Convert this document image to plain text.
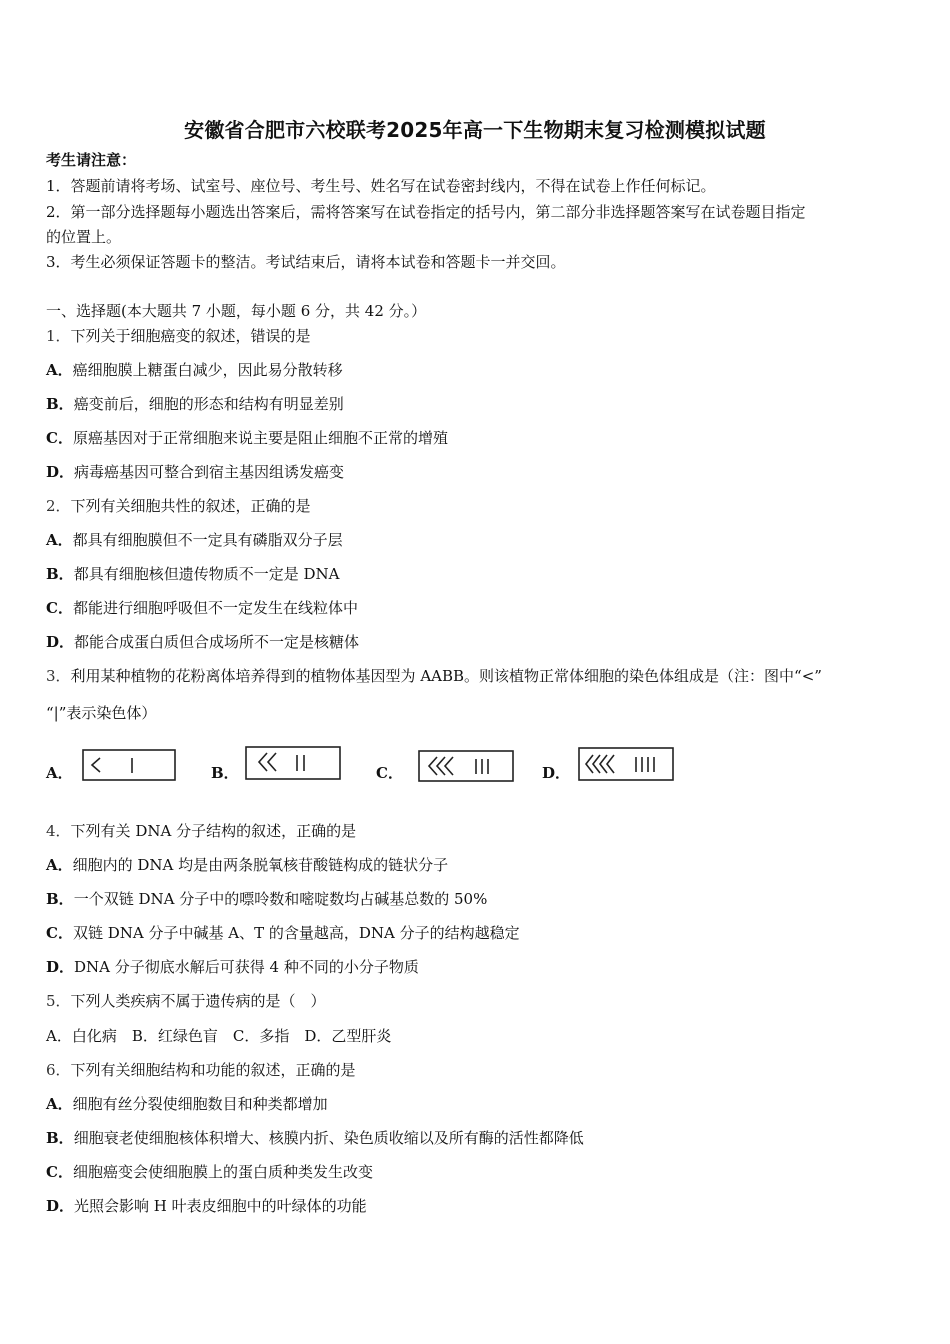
安徽省合肥市六校联考2025年高一下生物期末复习检测模拟试题
考生请注意：
1．答题前请将考场、试室号、座位号、考生号、姓名写在试卷密封线内，不得在试卷上作任何标记。
2．第一部分选择题每小题选出答案后，需将答案写在试卷指定的括号内，第二部分非选择题答案写在试卷题目指定
的位置上。
3．考生必须保证答题卡的整洁。考试结束后，请将本试卷和答题卡一并交回。
一、选择题(本大题共 7 小题，每小题 6 分，共 42 分。）
1．下列关于细胞癌变的叙述，错误的是
A．癌细胞膜上糖蛋白减少，因此易分散转移
B．癌变前后，细胞的形态和结构有明显差别
C．原癌基因对于正常细胞来说主要是阻止细胞不正常的增殖
D．病毒癌基因可整合到宿主基因组诱发癌变
2．下列有关细胞共性的叙述，正确的是
A．都具有细胞膜但不一定具有磷脂双分子层
B．都具有细胞核但遗传物质不一定是 DNA
C．都能进行细胞呼吸但不一定发生在线粒体中
D．都能合成蛋白质但合成场所不一定是核糖体
3．利用某种植物的花粉离体培养得到的植物体基因型为 AABB。则该植物正常体细胞的染色体组成是（注：图中“<”
“|”表示染色体）
A．	B．	C．	D．
4．下列有关 DNA 分子结构的叙述，正确的是
A．细胞内的 DNA 均是由两条脱氧核苷酸链构成的链状分子
B．一个双链 DNA 分子中的嘌呤数和嘧啶数均占碱基总数的 50%
C．双链 DNA 分子中碱基 A、T 的含量越高，DNA 分子的结构越稳定
D．DNA 分子彻底水解后可获得 4 种不同的小分子物质
5．下列人类疾病不属于遗传病的是（　）
A．白化病　B．红绿色盲　C．多指　D．乙型肝炎
6．下列有关细胞结构和功能的叙述，正确的是
A．细胞有丝分裂使细胞数目和种类都增加
B．细胞衰老使细胞核体积增大、核膜内折、染色质收缩以及所有酶的活性都降低
C．细胞癌变会使细胞膜上的蛋白质种类发生改变
D．光照会影响 H 叶表皮细胞中的叶绿体的功能
